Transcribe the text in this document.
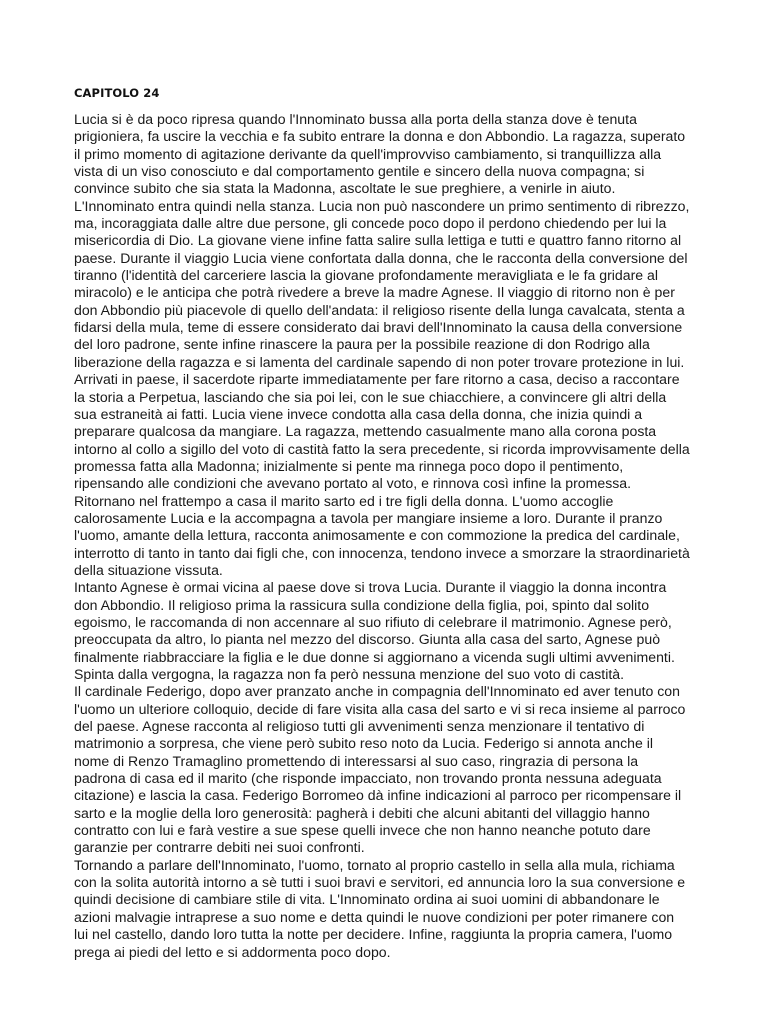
CAPITOLO 24

Lucia si è da poco ripresa quando l'Innominato bussa alla porta della stanza dove è tenuta
prigioniera, fa uscire la vecchia e fa subito entrare la donna e don Abbondio. La ragazza, superato
il primo momento di agitazione derivante da quell'improvviso cambiamento, si tranquillizza alla
vista di un viso conosciuto e dal comportamento gentile e sincero della nuova compagna; si
convince subito che sia stata la Madonna, ascoltate le sue preghiere, a venirle in aiuto.

L'Innominato entra quindi nella stanza. Lucia non può nascondere un primo sentimento di ribrezzo,
ma, incoraggiata dalle altre due persone, gli concede poco dopo il perdono chiedendo per lui la
misericordia di Dio. La giovane viene infine fatta salire sulla lettiga e tutti e quattro fanno ritorno al
paese. Durante il viaggio Lucia viene confortata dalla donna, che le racconta della conversione del
tiranno (l'identità del carceriere lascia la giovane profondamente meravigliata e le fa gridare al
miracolo) e le anticipa che potrà rivedere a breve la madre Agnese. Il viaggio di ritorno non è per
don Abbondio più piacevole di quello dell'andata: il religioso risente della lunga cavalcata, stenta a
fidarsi della mula, teme di essere considerato dai bravi dell'Innominato la causa della conversione
del loro padrone, sente infine rinascere la paura per la possibile reazione di don Rodrigo alla
liberazione della ragazza e si lamenta del cardinale sapendo di non poter trovare protezione in lui.

Arrivati in paese, il sacerdote riparte immediatamente per fare ritorno a casa, deciso a raccontare
la storia a Perpetua, lasciando che sia poi lei, con le sue chiacchiere, a convincere gli altri della
sua estraneità ai fatti. Lucia viene invece condotta alla casa della donna, che inizia quindi a
preparare qualcosa da mangiare. La ragazza, mettendo casualmente mano alla corona posta
intorno al collo a sigillo del voto di castità fatto la sera precedente, si ricorda improvvisamente della
promessa fatta alla Madonna; inizialmente si pente ma rinnega poco dopo il pentimento,
ripensando alle condizioni che avevano portato al voto, e rinnova così infine la promessa.

Ritornano nel frattempo a casa il marito sarto ed i tre figli della donna. L'uomo accoglie
calorosamente Lucia e la accompagna a tavola per mangiare insieme a loro. Durante il pranzo
l'uomo, amante della lettura, racconta animosamente e con commozione la predica del cardinale,
interrotto di tanto in tanto dai figli che, con innocenza, tendono invece a smorzare la straordinarietà
della situazione vissuta.

Intanto Agnese è ormai vicina al paese dove si trova Lucia. Durante il viaggio la donna incontra
don Abbondio. Il religioso prima la rassicura sulla condizione della figlia, poi, spinto dal solito
egoismo, le raccomanda di non accennare al suo rifiuto di celebrare il matrimonio. Agnese però,
preoccupata da altro, lo pianta nel mezzo del discorso. Giunta alla casa del sarto, Agnese può
finalmente riabbracciare la figlia e le due donne si aggiornano a vicenda sugli ultimi avvenimenti.
Spinta dalla vergogna, la ragazza non fa però nessuna menzione del suo voto di castità.

Il cardinale Federigo, dopo aver pranzato anche in compagnia dell'Innominato ed aver tenuto con
l'uomo un ulteriore colloquio, decide di fare visita alla casa del sarto e vi si reca insieme al parroco
del paese. Agnese racconta al religioso tutti gli avvenimenti senza menzionare il tentativo di
matrimonio a sorpresa, che viene però subito reso noto da Lucia. Federigo si annota anche il
nome di Renzo Tramaglino promettendo di interessarsi al suo caso, ringrazia di persona la
padrona di casa ed il marito (che risponde impacciato, non trovando pronta nessuna adeguata
citazione) e lascia la casa. Federigo Borromeo dà infine indicazioni al parroco per ricompensare il
sarto e la moglie della loro generosità: pagherà i debiti che alcuni abitanti del villaggio hanno
contratto con lui e farà vestire a sue spese quelli invece che non hanno neanche potuto dare
garanzie per contrarre debiti nei suoi confronti.

Tornando a parlare dell'Innominato, l'uomo, tornato al proprio castello in sella alla mula, richiama
con la solita autorità intorno a sè tutti i suoi bravi e servitori, ed annuncia loro la sua conversione e
quindi decisione di cambiare stile di vita. L'Innominato ordina ai suoi uomini di abbandonare le
azioni malvagie intraprese a suo nome e detta quindi le nuove condizioni per poter rimanere con
lui nel castello, dando loro tutta la notte per decidere. Infine, raggiunta la propria camera, l'uomo
prega ai piedi del letto e si addormenta poco dopo.
